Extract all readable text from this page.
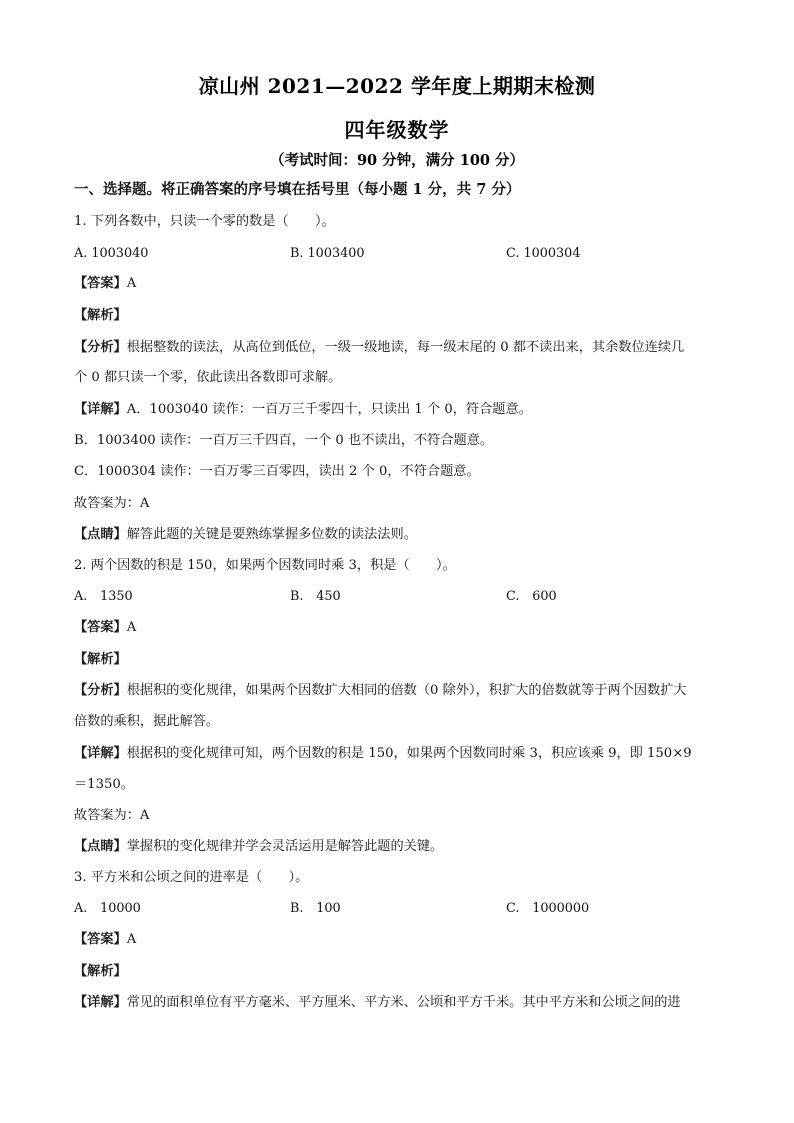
凉山州 2021—2022 学年度上期期末检测
四年级数学
（考试时间：90 分钟，满分 100 分）
一、选择题。将正确答案的序号填在括号里（每小题 1 分，共 7 分）
1. 下列各数中，只读一个零的数是（　　）。
A. 1003040	B. 1003400	C. 1000304
【答案】A
【解析】
【分析】根据整数的读法，从高位到低位，一级一级地读，每一级末尾的 0 都不读出来，其余数位连续几
个 0 都只读一个零，依此读出各数即可求解。
【详解】A．1003040 读作：一百万三千零四十，只读出 1 个 0，符合题意。
B．1003400 读作：一百万三千四百，一个 0 也不读出，不符合题意。
C．1000304 读作：一百万零三百零四，读出 2 个 0，不符合题意。
故答案为：A
【点睛】解答此题的关键是要熟练掌握多位数的读法法则。
2. 两个因数的积是 150，如果两个因数同时乘 3，积是（　　）。
A.　1350	B.　450	C.　600
【答案】A
【解析】
【分析】根据积的变化规律，如果两个因数扩大相同的倍数（0 除外），积扩大的倍数就等于两个因数扩大
倍数的乘积，据此解答。
【详解】根据积的变化规律可知，两个因数的积是 150，如果两个因数同时乘 3，积应该乘 9，即 150×9
＝1350。
故答案为：A
【点睛】掌握积的变化规律并学会灵活运用是解答此题的关键。
3. 平方米和公顷之间的进率是（　　）。
A.　10000	B.　100	C.　1000000
【答案】A
【解析】
【详解】常见的面积单位有平方毫米、平方厘米、平方米、公顷和平方千米。其中平方米和公顷之间的进
